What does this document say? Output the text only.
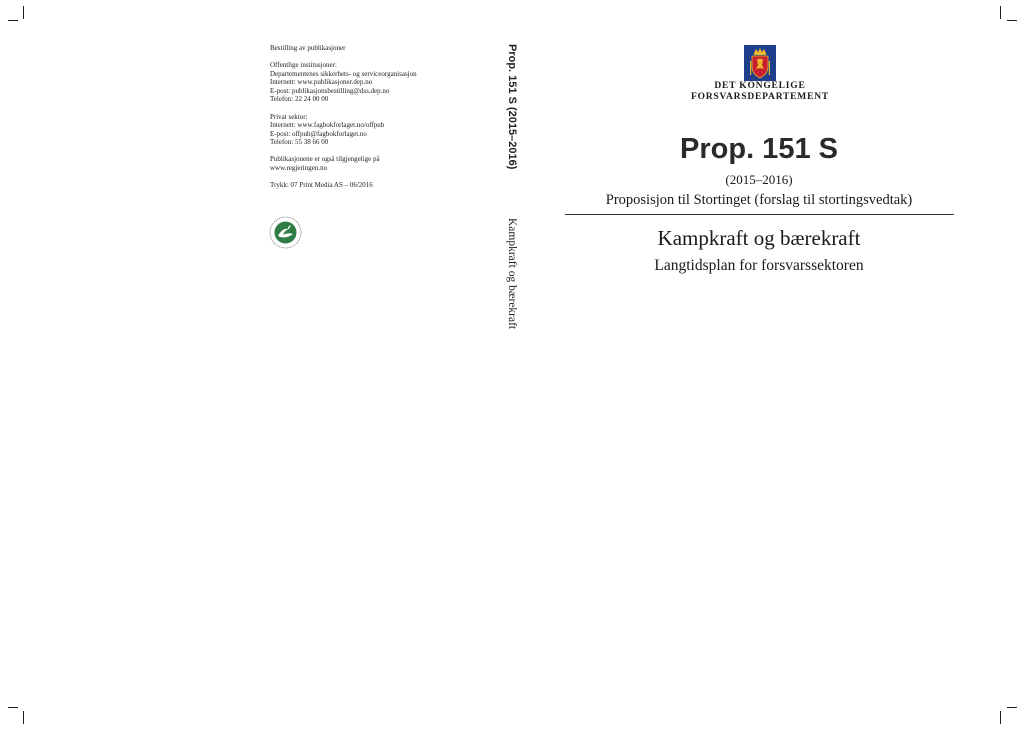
Bestilling av publikasjoner
Offentlige institusjoner:
Departementenes sikkerhets- og serviceorganisasjon
Internett: www.publikasjoner.dep.no
E-post: publikasjonsbestilling@dss.dep.no
Telefon: 22 24 00 00
Privat sektor:
Internett: www.fagbokforlaget.no/offpub
E-post: offpub@fagbokforlaget.no
Telefon: 55 38 66 00
Publikasjonene er også tilgjengelige på
www.regjeringen.no
Trykk: 07 Print Media AS – 06/2016
Prop. 151 S (2015–2016)
Kampkraft og bærekraft
DET KONGELIGE
FORSVARSDEPARTEMENT
Prop. 151 S
(2015–2016)
Proposisjon til Stortinget (forslag til stortingsvedtak)
Kampkraft og bærekraft
Langtidsplan for forsvarssektoren
